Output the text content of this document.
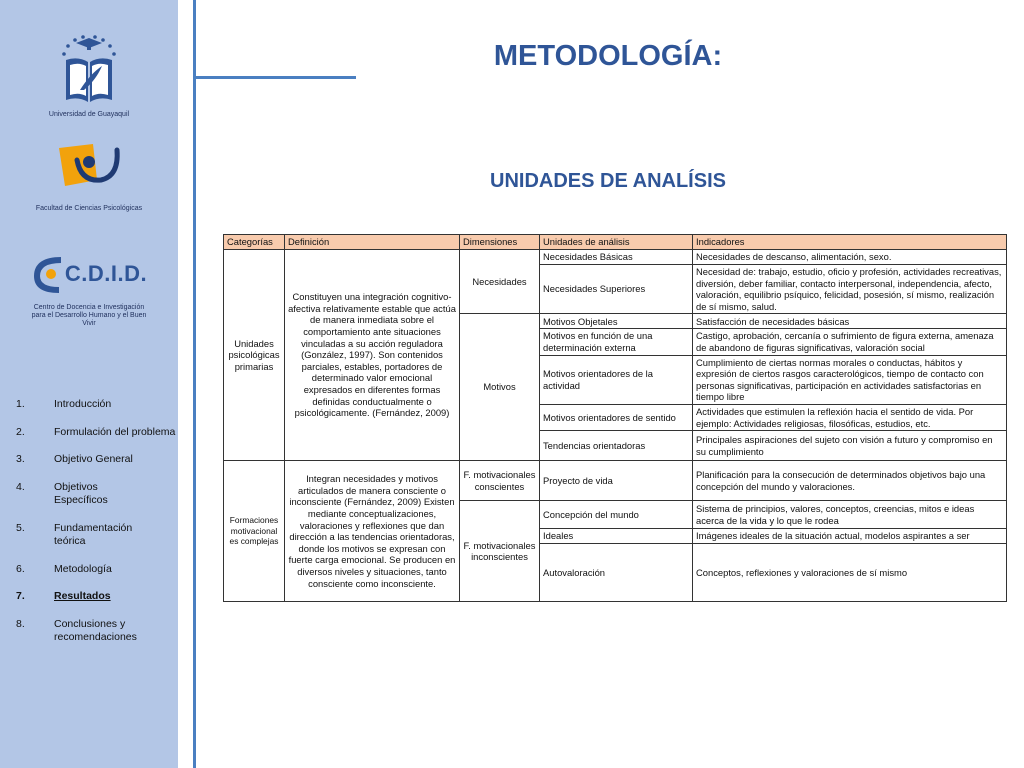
Universidad de Guayaquil
Facultad de Ciencias Psicológicas
C.D.I.D.
Centro de Docencia e Investigación para el Desarrollo Humano y el Buen Vivir
1.	Introducción
2.	Formulación del problema
3.	Objetivo General
4.	Objetivos Específicos
5.	Fundamentación teórica
6.	Metodología
7.	Resultados
8.	Conclusiones y recomendaciones
METODOLOGÍA:
UNIDADES DE ANALÍSIS
Categorías	Definición	Dimensiones	Unidades de análisis	Indicadores
Unidades psicológicas primarias	Constituyen una integración cognitivo-afectiva relativamente estable que actúa de manera inmediata sobre el comportamiento ante situaciones vinculadas a su acción reguladora (González, 1997). Son contenidos parciales, estables, portadores de determinado valor emocional expresados en diferentes formas definidas conductualmente o psicológicamente. (Fernández, 2009)	Necesidades	Necesidades Básicas	Necesidades de descanso, alimentación, sexo.
			Necesidades Superiores	Necesidad de: trabajo, estudio, oficio y profesión, actividades recreativas, diversión, deber familiar, contacto interpersonal, independencia, afecto, valoración, equilibrio psíquico, felicidad, posesión, sí mismo, realización de sí mismo, salud.
		Motivos	Motivos Objetales	Satisfacción de necesidades básicas
			Motivos en función de una determinación externa	Castigo, aprobación, cercanía o sufrimiento de figura externa, amenaza de abandono de figuras significativas, valoración social
			Motivos orientadores de la actividad	Cumplimiento de ciertas normas morales o conductas, hábitos y expresión de ciertos rasgos caracterológicos, tiempo de contacto con personas significativas, participación en actividades satisfactorias en tiempo libre
			Motivos orientadores de sentido	Actividades que estimulen la reflexión hacia el sentido de vida. Por ejemplo: Actividades religiosas, filosóficas, estudios, etc.
			Tendencias orientadoras	Principales aspiraciones del sujeto con visión a futuro y compromiso en su cumplimiento
Formaciones motivacional es complejas	Integran necesidades y motivos articulados de manera consciente o inconsciente (Fernández, 2009) Existen mediante conceptualizaciones, valoraciones y reflexiones que dan dirección a las tendencias orientadoras, donde los motivos se expresan con fuerte carga emocional. Se producen en diversos niveles y situaciones, tanto consciente como inconsciente.	F. motivacionales conscientes	Proyecto de vida	Planificación para la consecución de determinados objetivos bajo una concepción del mundo y valoraciones.
		F. motivacionales inconscientes	Concepción del mundo	Sistema de principios, valores, conceptos, creencias, mitos e ideas acerca de la vida y lo que le rodea
			Ideales	Imágenes ideales de la situación actual, modelos aspirantes a ser
			Autovaloración	Conceptos, reflexiones y valoraciones de sí mismo
